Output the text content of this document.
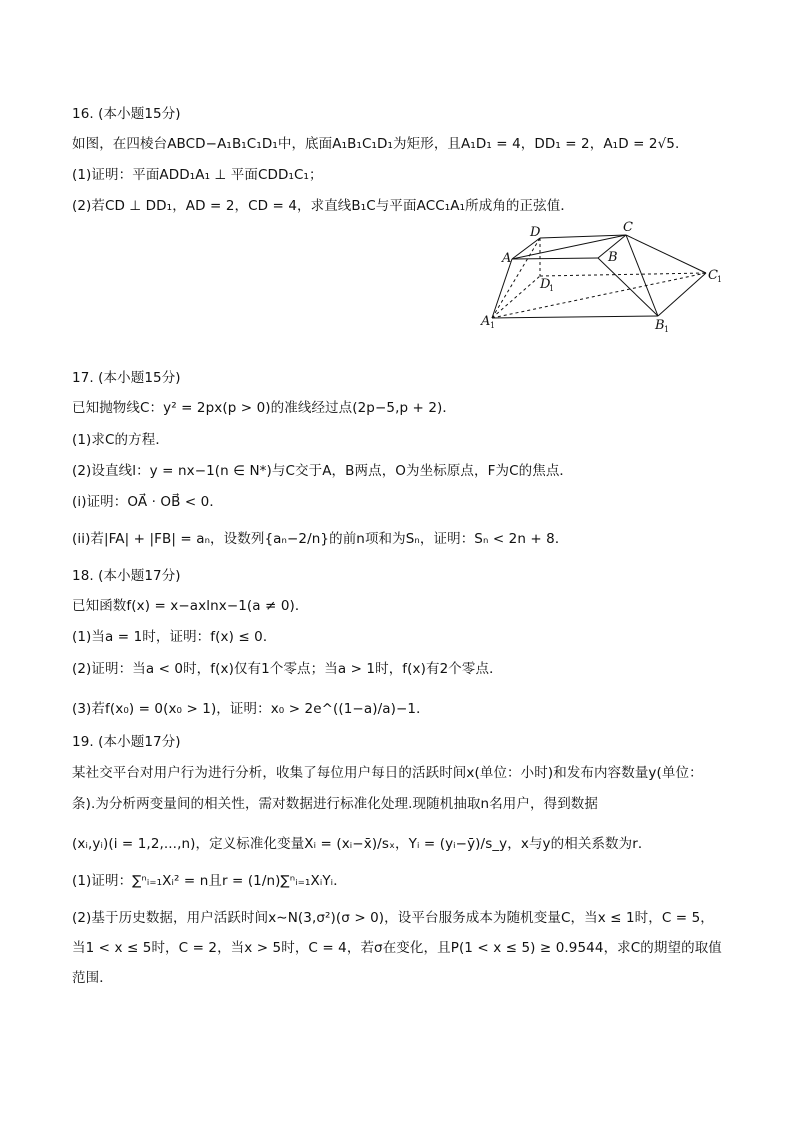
16. (本小题15分)
如图，在四棱台ABCD−A₁B₁C₁D₁中，底面A₁B₁C₁D₁为矩形，且A₁D₁ = 4，DD₁ = 2，A₁D = 2√5.
(1)证明：平面ADD₁A₁ ⊥ 平面CDD₁C₁；
(2)若CD ⊥ DD₁，AD = 2，CD = 4，求直线B₁C与平面ACC₁A₁所成角的正弦值．
A
D	C
B
D
1
C 1
A 1	B 1
17. (本小题15分)
已知抛物线C：y² = 2px(p > 0)的准线经过点(2p−5,p + 2)．
(1)求C的方程．
(2)设直线l：y = nx−1(n ∈ N*)与C交于A，B两点，O为坐标原点，F为C的焦点．
(i)证明：OA⃗ · OB⃗ < 0．
(ii)若|FA| + |FB| = aₙ，设数列{aₙ−2/n}的前n项和为Sₙ，证明：Sₙ < 2n + 8．
18. (本小题17分)
已知函数f(x) = x−axlnx−1(a ≠ 0)．
(1)当a = 1时，证明：f(x) ≤ 0．
(2)证明：当a < 0时，f(x)仅有1个零点；当a > 1时，f(x)有2个零点．
(3)若f(x₀) = 0(x₀ > 1)，证明：x₀ > 2e^((1−a)/a)−1．
19. (本小题17分)
某社交平台对用户行为进行分析，收集了每位用户每日的活跃时间x(单位：小时)和发布内容数量y(单位：
条).为分析两变量间的相关性，需对数据进行标准化处理.现随机抽取n名用户，得到数据
(xᵢ,yᵢ)(i = 1,2,...,n)，定义标准化变量Xᵢ = (xᵢ−x̄)/sₓ，Yᵢ = (yᵢ−ȳ)/s_y，x与y的相关系数为r．
(1)证明：∑ⁿᵢ₌₁Xᵢ² = n且r = (1/n)∑ⁿᵢ₌₁XᵢYᵢ．
(2)基于历史数据，用户活跃时间x∼N(3,σ²)(σ > 0)，设平台服务成本为随机变量C，当x ≤ 1时，C = 5，当1 < x ≤ 5时，C = 2，当x > 5时，C = 4，若σ在变化，且P(1 < x ≤ 5) ≥ 0.9544，求C的期望的取值范围．
